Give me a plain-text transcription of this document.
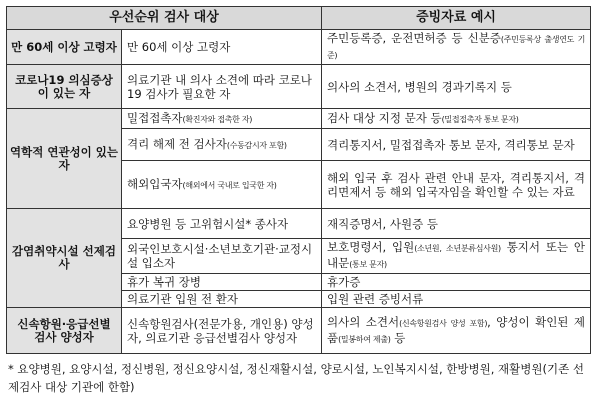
우선순위 검사 대상		증빙자료 예시
만 60세 이상 고령자	만 60세 이상 고령자	주민등록증, 운전면허증 등 신분증(주민등록상 출생연도 기준)
코로나19 의심증상이 있는 자	의료기관 내 의사 소견에 따라 코로나19 검사가 필요한 자	의사의 소견서, 병원의 경과기록지 등
역학적 연관성이 있는자	밀접접촉자(확진자와 접촉한 자)	검사 대상 지정 문자 등(밀접접촉자 통보 문자)
	격리 해제 전 검사자(수동감시자 포함)	격리통지서, 밀접접촉자 통보 문자, 격리통보 문자
	해외입국자(해외에서 국내로 입국한 자)	해외 입국 후 검사 관련 안내 문자, 격리통지서, 격리면제서 등 해외 입국자임을 확인할 수 있는 자료
감염취약시설 선제검사	요양병원 등 고위험시설* 종사자	재직증명서, 사원증 등
	외국인보호시설·소년보호기관·교정시설 입소자	보호명령서, 입원(소년원, 소년분류심사원) 통지서 또는 안내문(통보 문자)
	휴가 복귀 장병	휴가증
	의료기관 입원 전 환자	입원 관련 증빙서류
신속항원·응급선별 검사 양성자	신속항원검사(전문가용, 개인용) 양성자, 의료기관 응급선별검사 양성자	의사의 소견서(신속항원검사 양성 포함), 양성이 확인된 제품(밀봉하여 제출) 등
* 요양병원, 요양시설, 정신병원, 정신요양시설, 정신재활시설, 양로시설, 노인복지시설, 한방병원, 재활병원(기존 선제검사 대상 기관에 한함)
